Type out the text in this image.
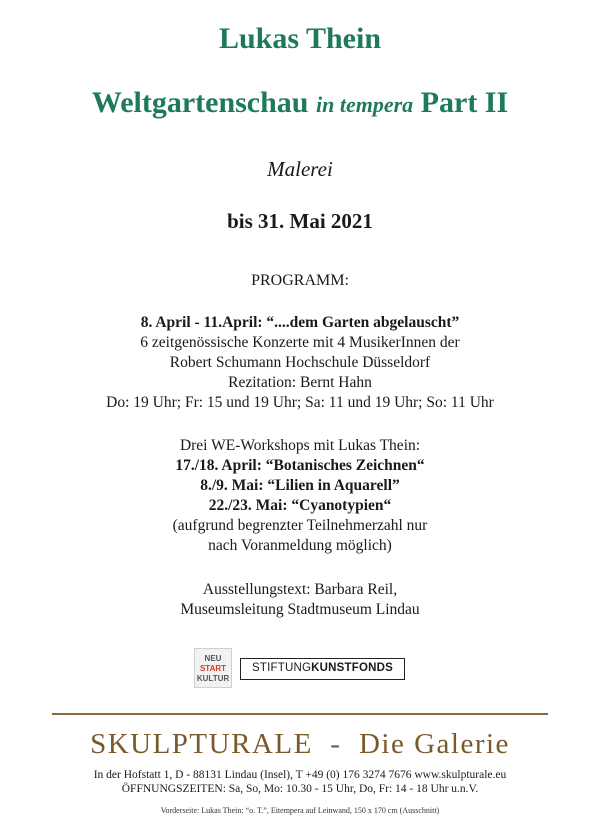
Lukas Thein
Weltgartenschau in tempera Part II
Malerei
bis 31. Mai 2021
PROGRAMM:
8. April - 11.April: “....dem Garten abgelauscht”
6 zeitgenössische Konzerte mit 4 MusikerInnen der
Robert Schumann Hochschule Düsseldorf
Rezitation: Bernt Hahn
Do: 19 Uhr; Fr: 15 und 19 Uhr; Sa: 11 und 19 Uhr; So: 11 Uhr
Drei WE-Workshops mit Lukas Thein:
17./18. April: “Botanisches Zeichnen“
8./9. Mai: “Lilien in Aquarell”
22./23. Mai: “Cyanotypien“
(aufgrund begrenzter Teilnehmerzahl nur
nach Voranmeldung möglich)
Ausstellungstext: Barbara Reil,
Museumsleitung Stadtmuseum Lindau
NEU
START
KULTUR
STIFTUNGKUNSTFONDS
SKULPTURALE  -  Die Galerie
In der Hofstatt 1, D - 88131 Lindau (Insel), T +49 (0) 176 3274 7676 www.skulpturale.eu
ÖFFNUNGSZEITEN: Sa, So, Mo: 10.30 - 15 Uhr, Do, Fr: 14 - 18 Uhr u.n.V.
Vorderseite: Lukas Thein: “o. T.”, Eitempera auf Leinwand, 150 x 170 cm (Ausschnitt)
